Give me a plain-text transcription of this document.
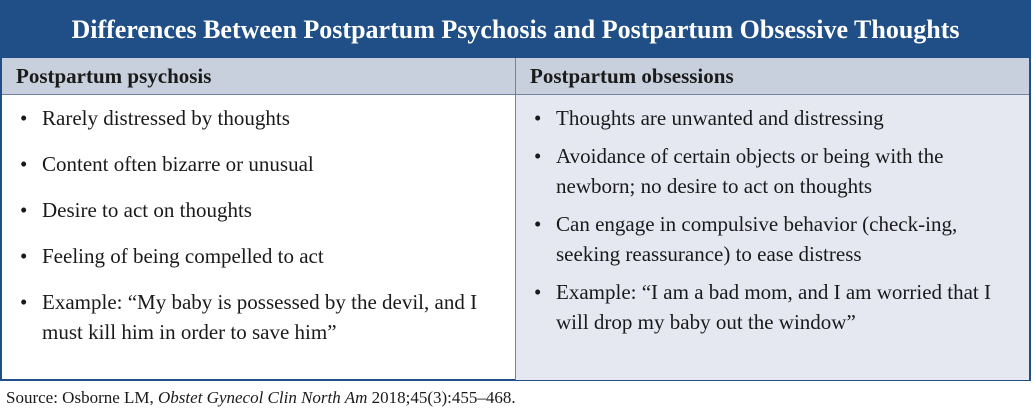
Differences Between Postpartum Psychosis and Postpartum Obsessive Thoughts
Postpartum psychosis	Postpartum obsessions
• Rarely distressed by thoughts
• Content often bizarre or unusual
• Desire to act on thoughts
• Feeling of being compelled to act
• Example: “My baby is possessed by the devil, and I must kill him in order to save him”
• Thoughts are unwanted and distressing
• Avoidance of certain objects or being with the newborn; no desire to act on thoughts
• Can engage in compulsive behavior (check-ing, seeking reassurance) to ease distress
• Example: “I am a bad mom, and I am worried that I will drop my baby out the window”
Source: Osborne LM, Obstet Gynecol Clin North Am 2018;45(3):455–468.
